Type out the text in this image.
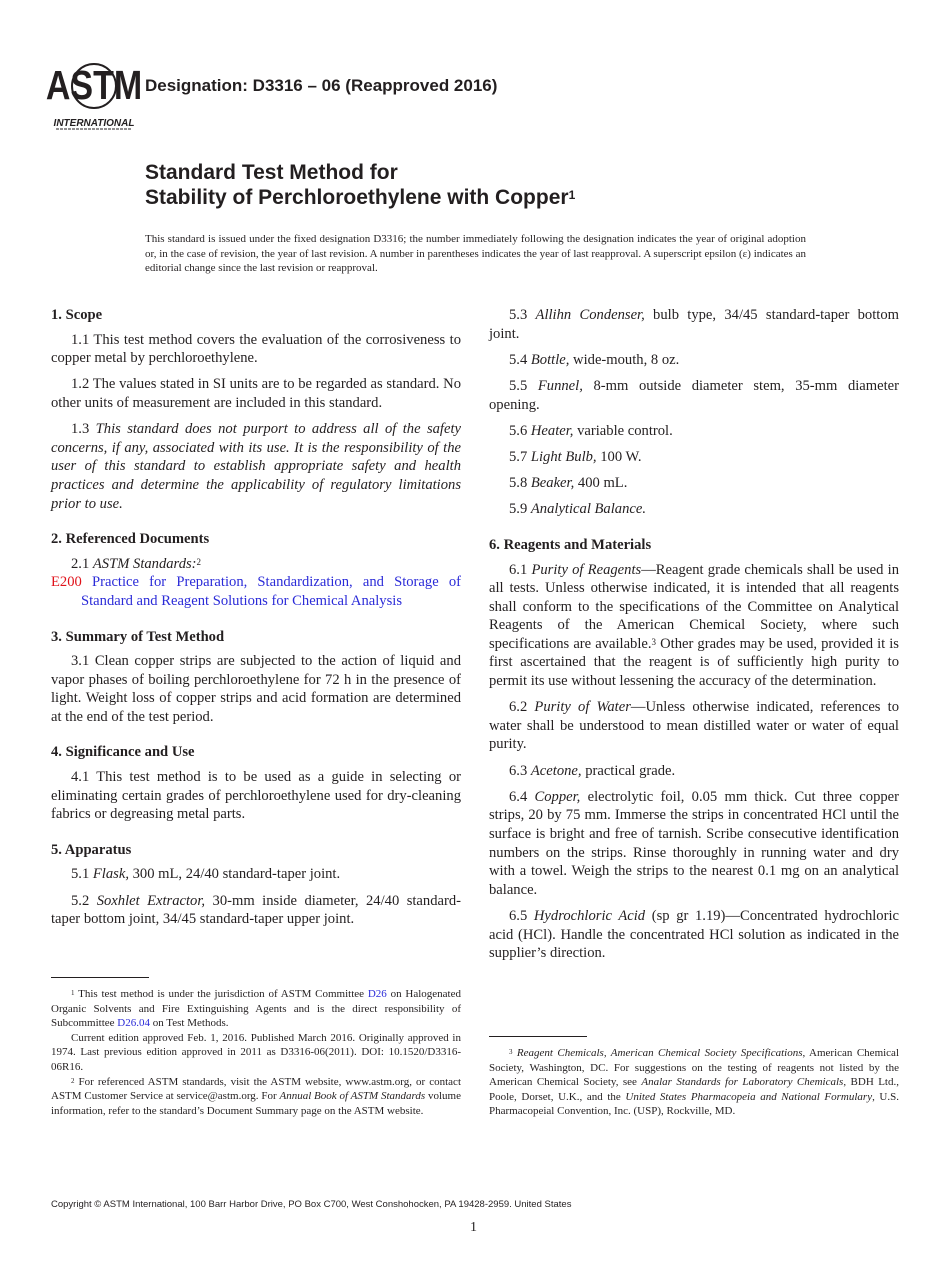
ASTM
INTERNATIONAL
Designation: D3316 – 06 (Reapproved 2016)
Standard Test Method for
Stability of Perchloroethylene with Copper$^1$
This standard is issued under the fixed designation D3316; the number immediately following the designation indicates the year of original adoption or, in the case of revision, the year of last revision. A number in parentheses indicates the year of last reapproval. A superscript epsilon (ε) indicates an editorial change since the last revision or reapproval.
1. Scope

1.1 This test method covers the evaluation of the corrosiveness to copper metal by perchloroethylene.

1.2 The values stated in SI units are to be regarded as standard. No other units of measurement are included in this standard.

1.3 This standard does not purport to address all of the safety concerns, if any, associated with its use. It is the responsibility of the user of this standard to establish appropriate safety and health practices and determine the applicability of regulatory limitations prior to use.

2. Referenced Documents

2.1 ASTM Standards:$^2$

E200 Practice for Preparation, Standardization, and Storage of Standard and Reagent Solutions for Chemical Analysis

3. Summary of Test Method

3.1 Clean copper strips are subjected to the action of liquid and vapor phases of boiling perchloroethylene for 72 h in the presence of light. Weight loss of copper strips and acid formation are determined at the end of the test period.

4. Significance and Use

4.1 This test method is to be used as a guide in selecting or eliminating certain grades of perchloroethylene used for dry-cleaning fabrics or degreasing metal parts.

5. Apparatus

5.1 Flask, 300 mL, 24/40 standard-taper joint.

5.2 Soxhlet Extractor, 30-mm inside diameter, 24/40 standard-taper bottom joint, 34/45 standard-taper upper joint.

5.3 Allihn Condenser, bulb type, 34/45 standard-taper bottom joint.

5.4 Bottle, wide-mouth, 8 oz.

5.5 Funnel, 8-mm outside diameter stem, 35-mm diameter opening.

5.6 Heater, variable control.

5.7 Light Bulb, 100 W.

5.8 Beaker, 400 mL.

5.9 Analytical Balance.

6. Reagents and Materials

6.1 Purity of Reagents—Reagent grade chemicals shall be used in all tests. Unless otherwise indicated, it is intended that all reagents shall conform to the specifications of the Committee on Analytical Reagents of the American Chemical Society, where such specifications are available.$^3$ Other grades may be used, provided it is first ascertained that the reagent is of sufficiently high purity to permit its use without lessening the accuracy of the determination.

6.2 Purity of Water—Unless otherwise indicated, references to water shall be understood to mean distilled water or water of equal purity.

6.3 Acetone, practical grade.

6.4 Copper, electrolytic foil, 0.05 mm thick. Cut three copper strips, 20 by 75 mm. Immerse the strips in concentrated HCl until the surface is bright and free of tarnish. Scribe consecutive identification numbers on the strips. Rinse thoroughly in running water and dry with a towel. Weigh the strips to the nearest 0.1 mg on an analytical balance.

6.5 Hydrochloric Acid (sp gr 1.19)—Concentrated hydrochloric acid (HCl). Handle the concentrated HCl solution as indicated in the supplier’s direction.

$^1$ This test method is under the jurisdiction of ASTM Committee D26 on Halogenated Organic Solvents and Fire Extinguishing Agents and is the direct responsibility of Subcommittee D26.04 on Test Methods.

Current edition approved Feb. 1, 2016. Published March 2016. Originally approved in 1974. Last previous edition approved in 2011 as D3316-06(2011). DOI: 10.1520/D3316-06R16.

$^2$ For referenced ASTM standards, visit the ASTM website, www.astm.org, or contact ASTM Customer Service at service@astm.org. For Annual Book of ASTM Standards volume information, refer to the standard’s Document Summary page on the ASTM website.

$^3$ Reagent Chemicals, American Chemical Society Specifications, American Chemical Society, Washington, DC. For suggestions on the testing of reagents not listed by the American Chemical Society, see Analar Standards for Laboratory Chemicals, BDH Ltd., Poole, Dorset, U.K., and the United States Pharmacopeia and National Formulary, U.S. Pharmacopeial Convention, Inc. (USP), Rockville, MD.

Copyright © ASTM International, 100 Barr Harbor Drive, PO Box C700, West Conshohocken, PA 19428-2959. United States
1
